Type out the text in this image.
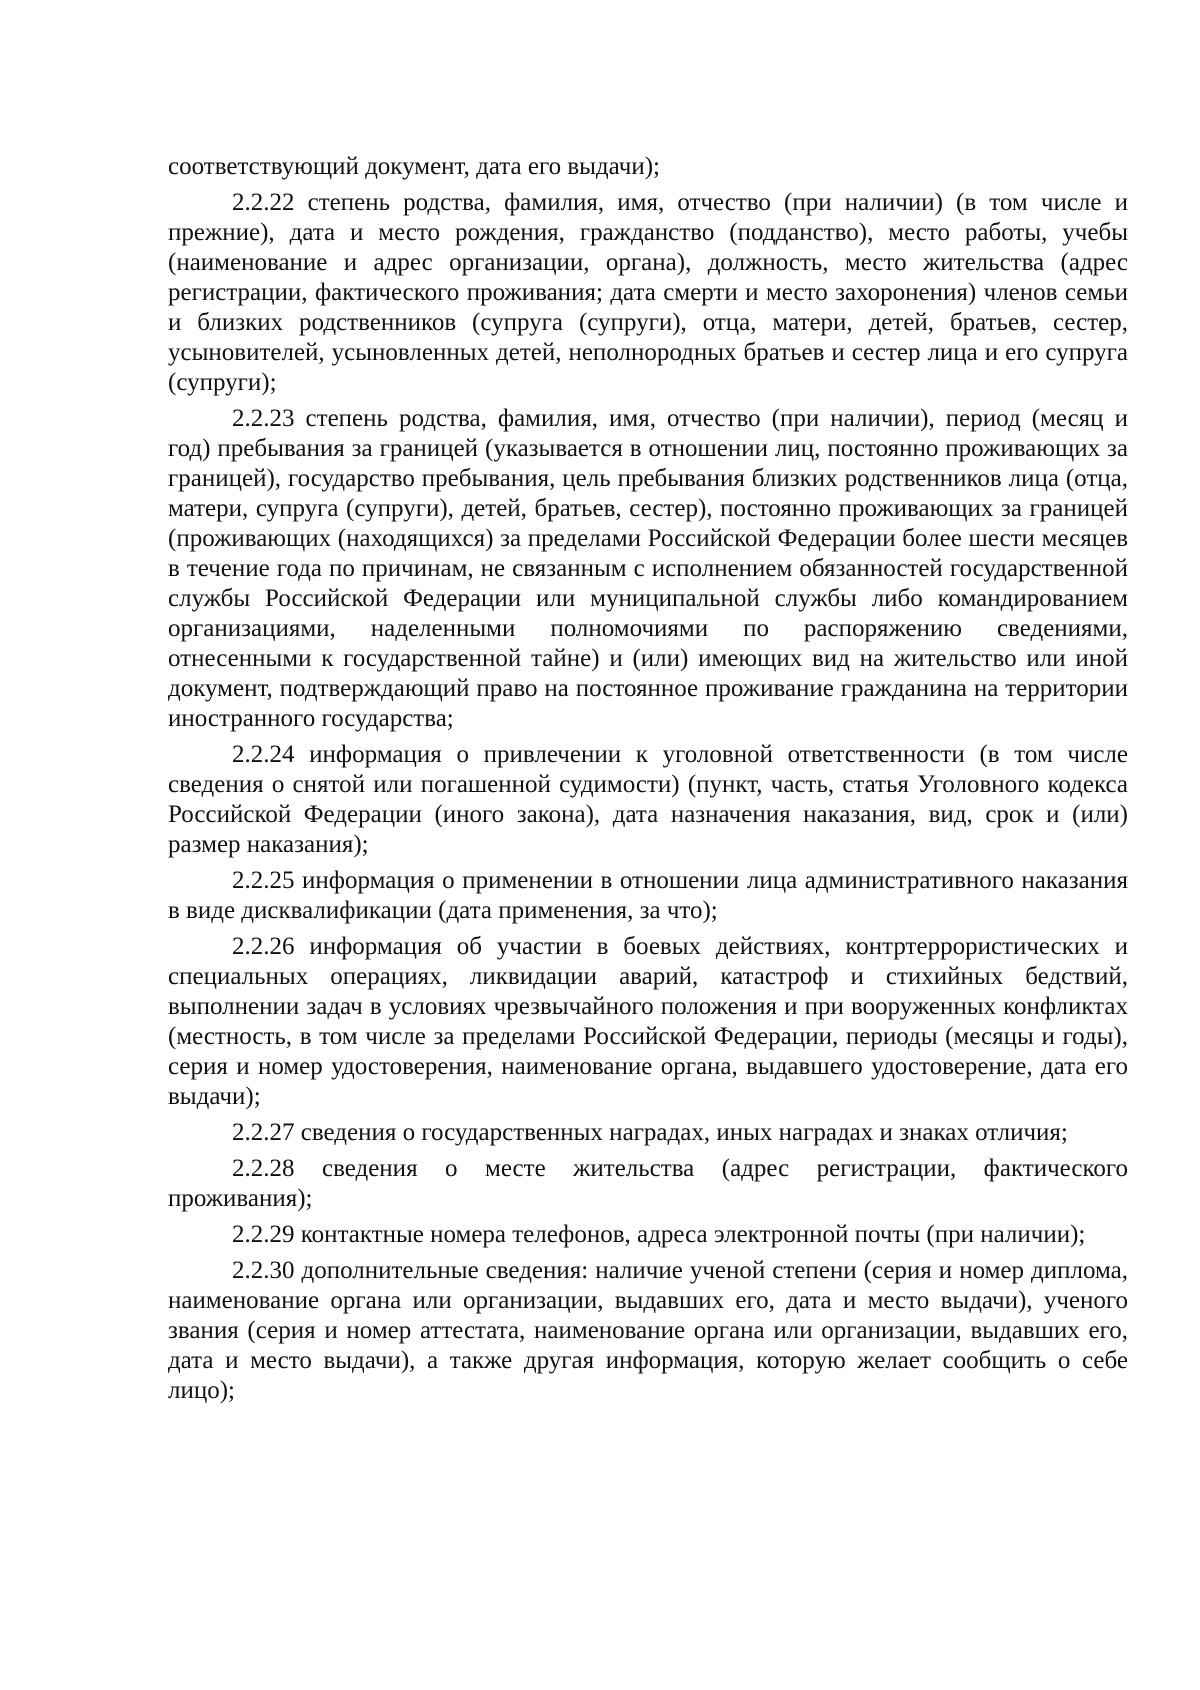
соответствующий документ, дата его выдачи);

2.2.22 степень родства, фамилия, имя, отчество (при наличии) (в том числе и прежние), дата и место рождения, гражданство (подданство), место работы, учебы (наименование и адрес организации, органа), должность, место жительства (адрес регистрации, фактического проживания; дата смерти и место захоронения) членов семьи и близких родственников (супруга (супруги), отца, матери, детей, братьев, сестер, усыновителей, усыновленных детей, неполнородных братьев и сестер лица и его супруга (супруги);

2.2.23 степень родства, фамилия, имя, отчество (при наличии), период (месяц и год) пребывания за границей (указывается в отношении лиц, постоянно проживающих за границей), государство пребывания, цель пребывания близких родственников лица (отца, матери, супруга (супруги), детей, братьев, сестер), постоянно проживающих за границей (проживающих (находящихся) за пределами Российской Федерации более шести месяцев в течение года по причинам, не связанным с исполнением обязанностей государственной службы Российской Федерации или муниципальной службы либо командированием организациями, наделенными полномочиями по распоряжению сведениями, отнесенными к государственной тайне) и (или) имеющих вид на жительство или иной документ, подтверждающий право на постоянное проживание гражданина на территории иностранного государства;

2.2.24 информация о привлечении к уголовной ответственности (в том числе сведения о снятой или погашенной судимости) (пункт, часть, статья Уголовного кодекса Российской Федерации (иного закона), дата назначения наказания, вид, срок и (или) размер наказания);

2.2.25 информация о применении в отношении лица административного наказания в виде дисквалификации (дата применения, за что);

2.2.26 информация об участии в боевых действиях, контртеррористических и специальных операциях, ликвидации аварий, катастроф и стихийных бедствий, выполнении задач в условиях чрезвычайного положения и при вооруженных конфликтах (местность, в том числе за пределами Российской Федерации, периоды (месяцы и годы), серия и номер удостоверения, наименование органа, выдавшего удостоверение, дата его выдачи);

2.2.27 сведения о государственных наградах, иных наградах и знаках отличия;

2.2.28 сведения о месте жительства (адрес регистрации, фактического проживания);

2.2.29 контактные номера телефонов, адреса электронной почты (при наличии);

2.2.30 дополнительные сведения: наличие ученой степени (серия и номер диплома, наименование органа или организации, выдавших его, дата и место выдачи), ученого звания (серия и номер аттестата, наименование органа или организации, выдавших его, дата и место выдачи), а также другая информация, которую желает сообщить о себе лицо);
